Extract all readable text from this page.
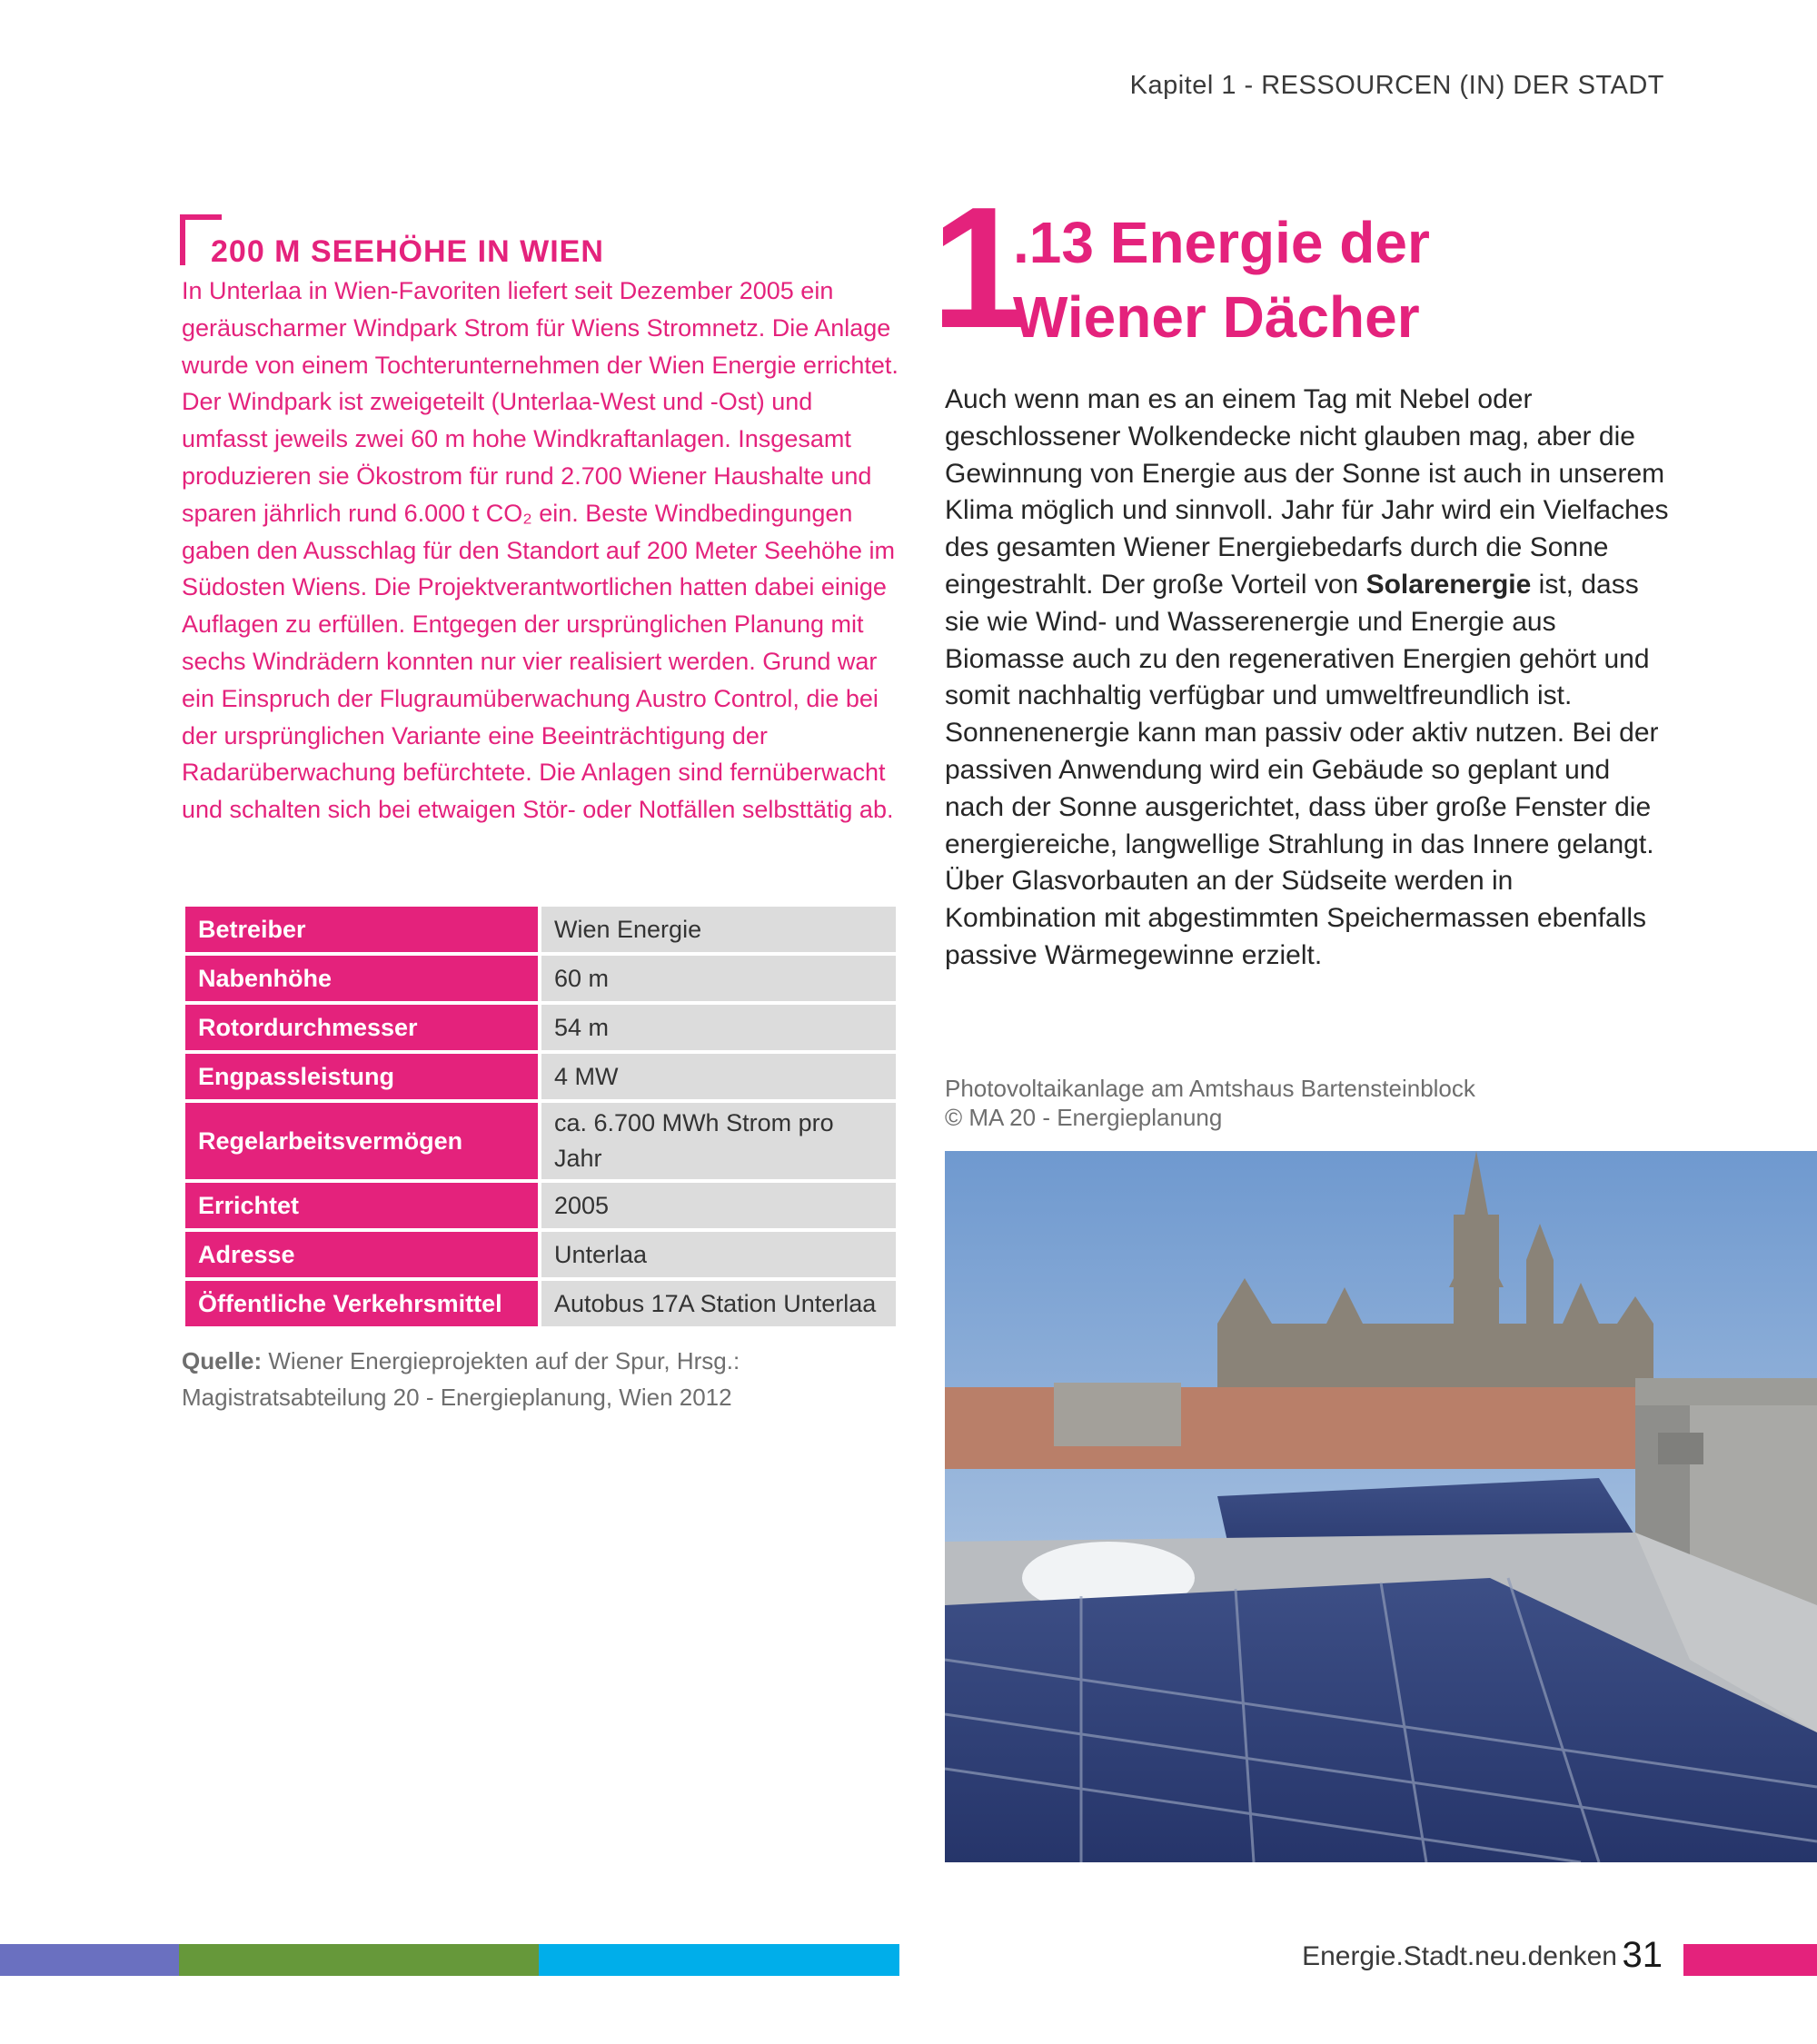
Kapitel 1 - RESSOURCEN (IN) DER STADT
200 M SEEHÖHE IN WIEN

In Unterlaa in Wien-Favoriten liefert seit Dezember 2005 ein geräuscharmer Windpark Strom für Wiens Stromnetz. Die Anlage wurde von einem Tochterunternehmen der Wien Energie errichtet. Der Windpark ist zweigeteilt (Unterlaa-West und -Ost) und umfasst jeweils zwei 60 m hohe Windkraftanlagen. Insgesamt produzieren sie Ökostrom für rund 2.700 Wiener Haushalte und sparen jährlich rund 6.000 t CO₂ ein. Beste Windbedingungen gaben den Ausschlag für den Standort auf 200 Meter Seehöhe im Südosten Wiens. Die Projektverantwortlichen hatten dabei einige Auflagen zu erfüllen. Entgegen der ursprünglichen Planung mit sechs Windrädern konnten nur vier realisiert werden. Grund war ein Einspruch der Flugraumüberwachung Austro Control, die bei der ursprünglichen Variante eine Beeinträchtigung der Radarüberwachung befürchtete. Die Anlagen sind fernüberwacht und schalten sich bei etwaigen Stör- oder Notfällen selbsttätig ab.

Betreiber	Wien Energie
Nabenhöhe	60 m
Rotordurchmesser	54 m
Engpassleistung	4 MW
Regelarbeitsvermögen	ca. 6.700 MWh Strom pro Jahr
Errichtet	2005
Adresse	Unterlaa
Öffentliche Verkehrsmittel	Autobus 17A Station Unterlaa
Quelle: Wiener Energieprojekten auf der Spur, Hrsg.: Magistratsabteilung 20 - Energieplanung, Wien 2012
1
.13 Energie der
Wiener Dächer

Auch wenn man es an einem Tag mit Nebel oder geschlossener Wolkendecke nicht glauben mag, aber die Gewinnung von Energie aus der Sonne ist auch in unserem Klima möglich und sinnvoll. Jahr für Jahr wird ein Vielfaches des gesamten Wiener Energiebedarfs durch die Sonne eingestrahlt. Der große Vorteil von Solarenergie ist, dass sie wie Wind- und Wasserenergie und Energie aus Biomasse auch zu den regenerativen Energien gehört und somit nachhaltig verfügbar und umweltfreundlich ist. Sonnenenergie kann man passiv oder aktiv nutzen. Bei der passiven Anwendung wird ein Gebäude so geplant und nach der Sonne ausgerichtet, dass über große Fenster die energiereiche, langwellige Strahlung in das Innere gelangt. Über Glasvorbauten an der Südseite werden in Kombination mit abgestimmten Speichermassen ebenfalls passive Wärmegewinne erzielt.

Photovoltaikanlage am Amtshaus Bartensteinblock
© MA 20 - Energieplanung
Energie.Stadt.neu.denken 31
